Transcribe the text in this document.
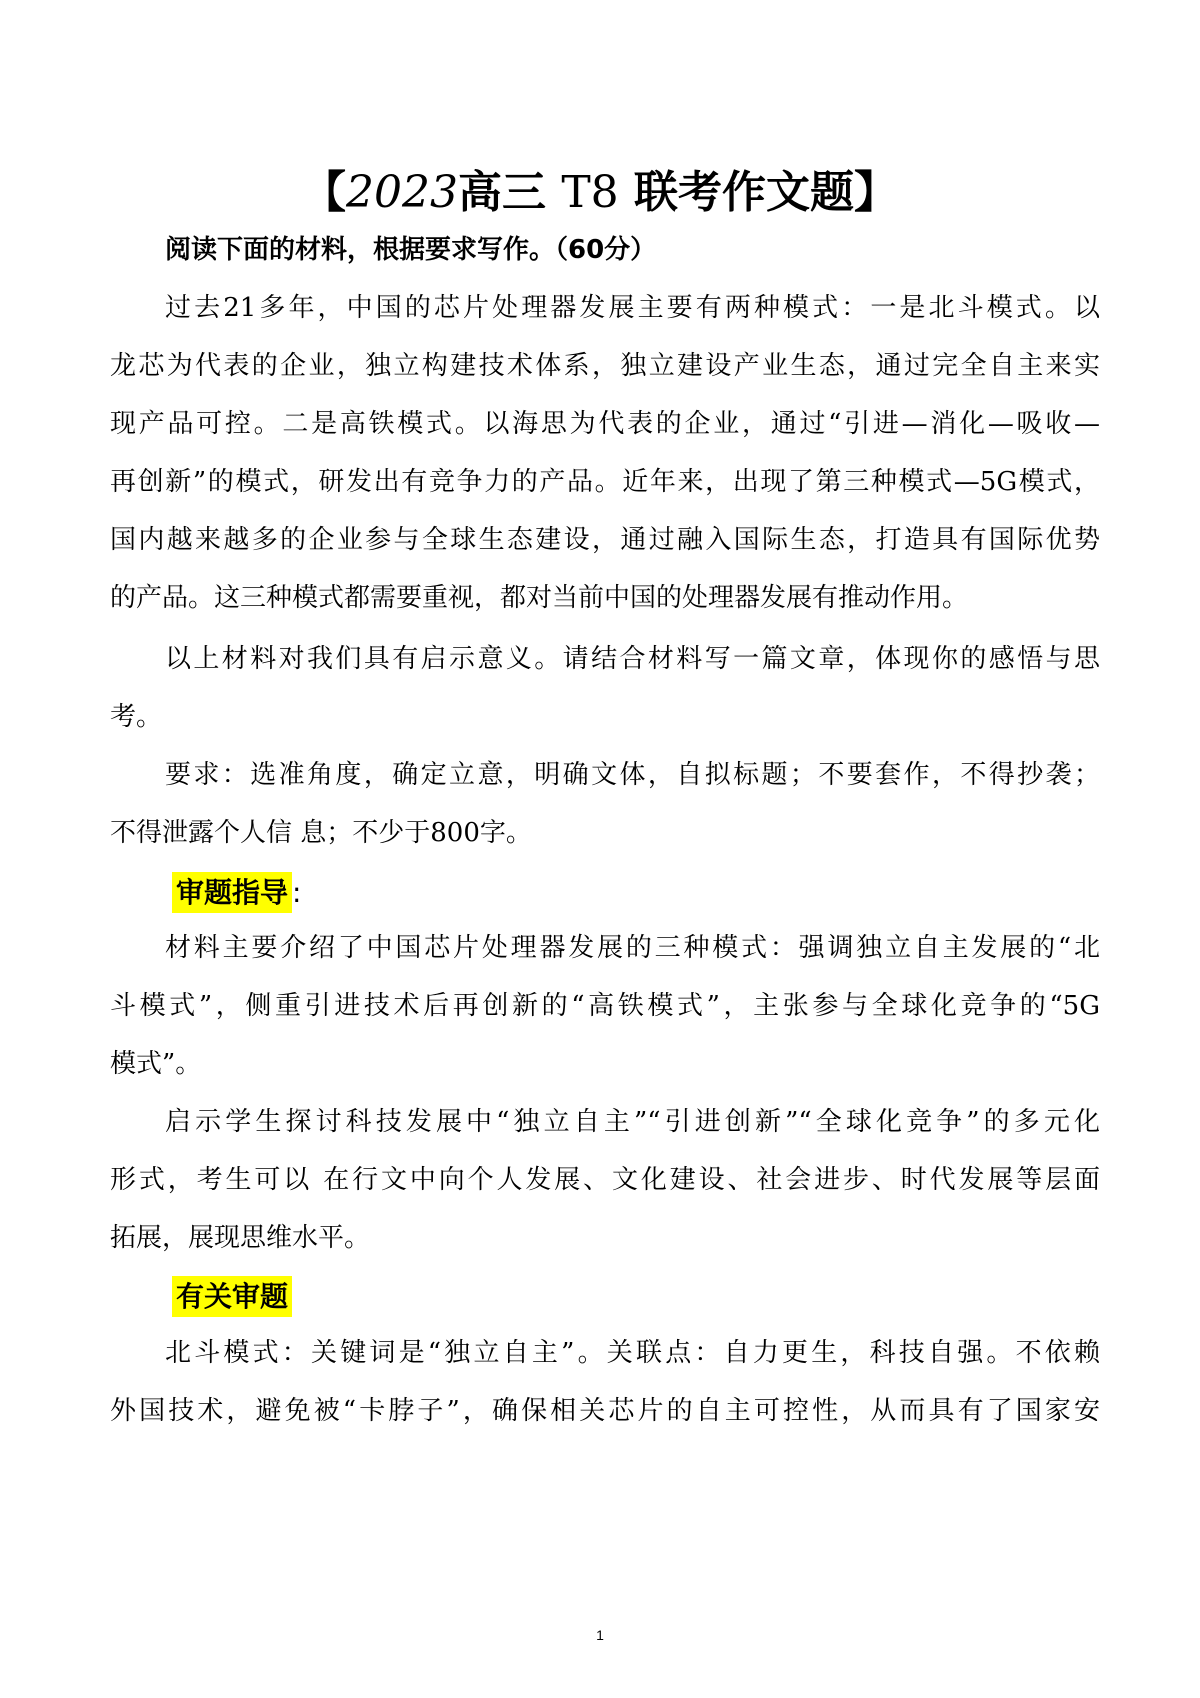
【2023高三 T8 联考作文题】
阅读下面的材料，根据要求写作。（60分）
过去21多年，中国的芯片处理器发展主要有两种模式：一是北斗模式。以
龙芯为代表的企业，独立构建技术体系，独立建设产业生态，通过完全自主来实
现产品可控。二是高铁模式。以海思为代表的企业，通过“引进—消化—吸收—
再创新”的模式，研发出有竞争力的产品。近年来，出现了第三种模式—5G模式，
国内越来越多的企业参与全球生态建设，通过融入国际生态，打造具有国际优势
的产品。这三种模式都需要重视，都对当前中国的处理器发展有推动作用。
以上材料对我们具有启示意义。请结合材料写一篇文章，体现你的感悟与思
考。
要求：选准角度，确定立意，明确文体，自拟标题；不要套作，不得抄袭；
不得泄露个人信 息；不少于800字。
审题指导 :
材料主要介绍了中国芯片处理器发展的三种模式：强调独立自主发展的“北
斗模式”，侧重引进技术后再创新的“高铁模式”，主张参与全球化竞争的“5G
模式”。
启示学生探讨科技发展中“独立自主”“引进创新”“全球化竞争”的多元化
形式，考生可以 在行文中向个人发展、文化建设、社会进步、时代发展等层面
拓展，展现思维水平。
有关审题
北斗模式：关键词是“独立自主”。关联点：自力更生，科技自强。不依赖
外国技术，避免被“卡脖子”，确保相关芯片的自主可控性，从而具有了国家安
1
